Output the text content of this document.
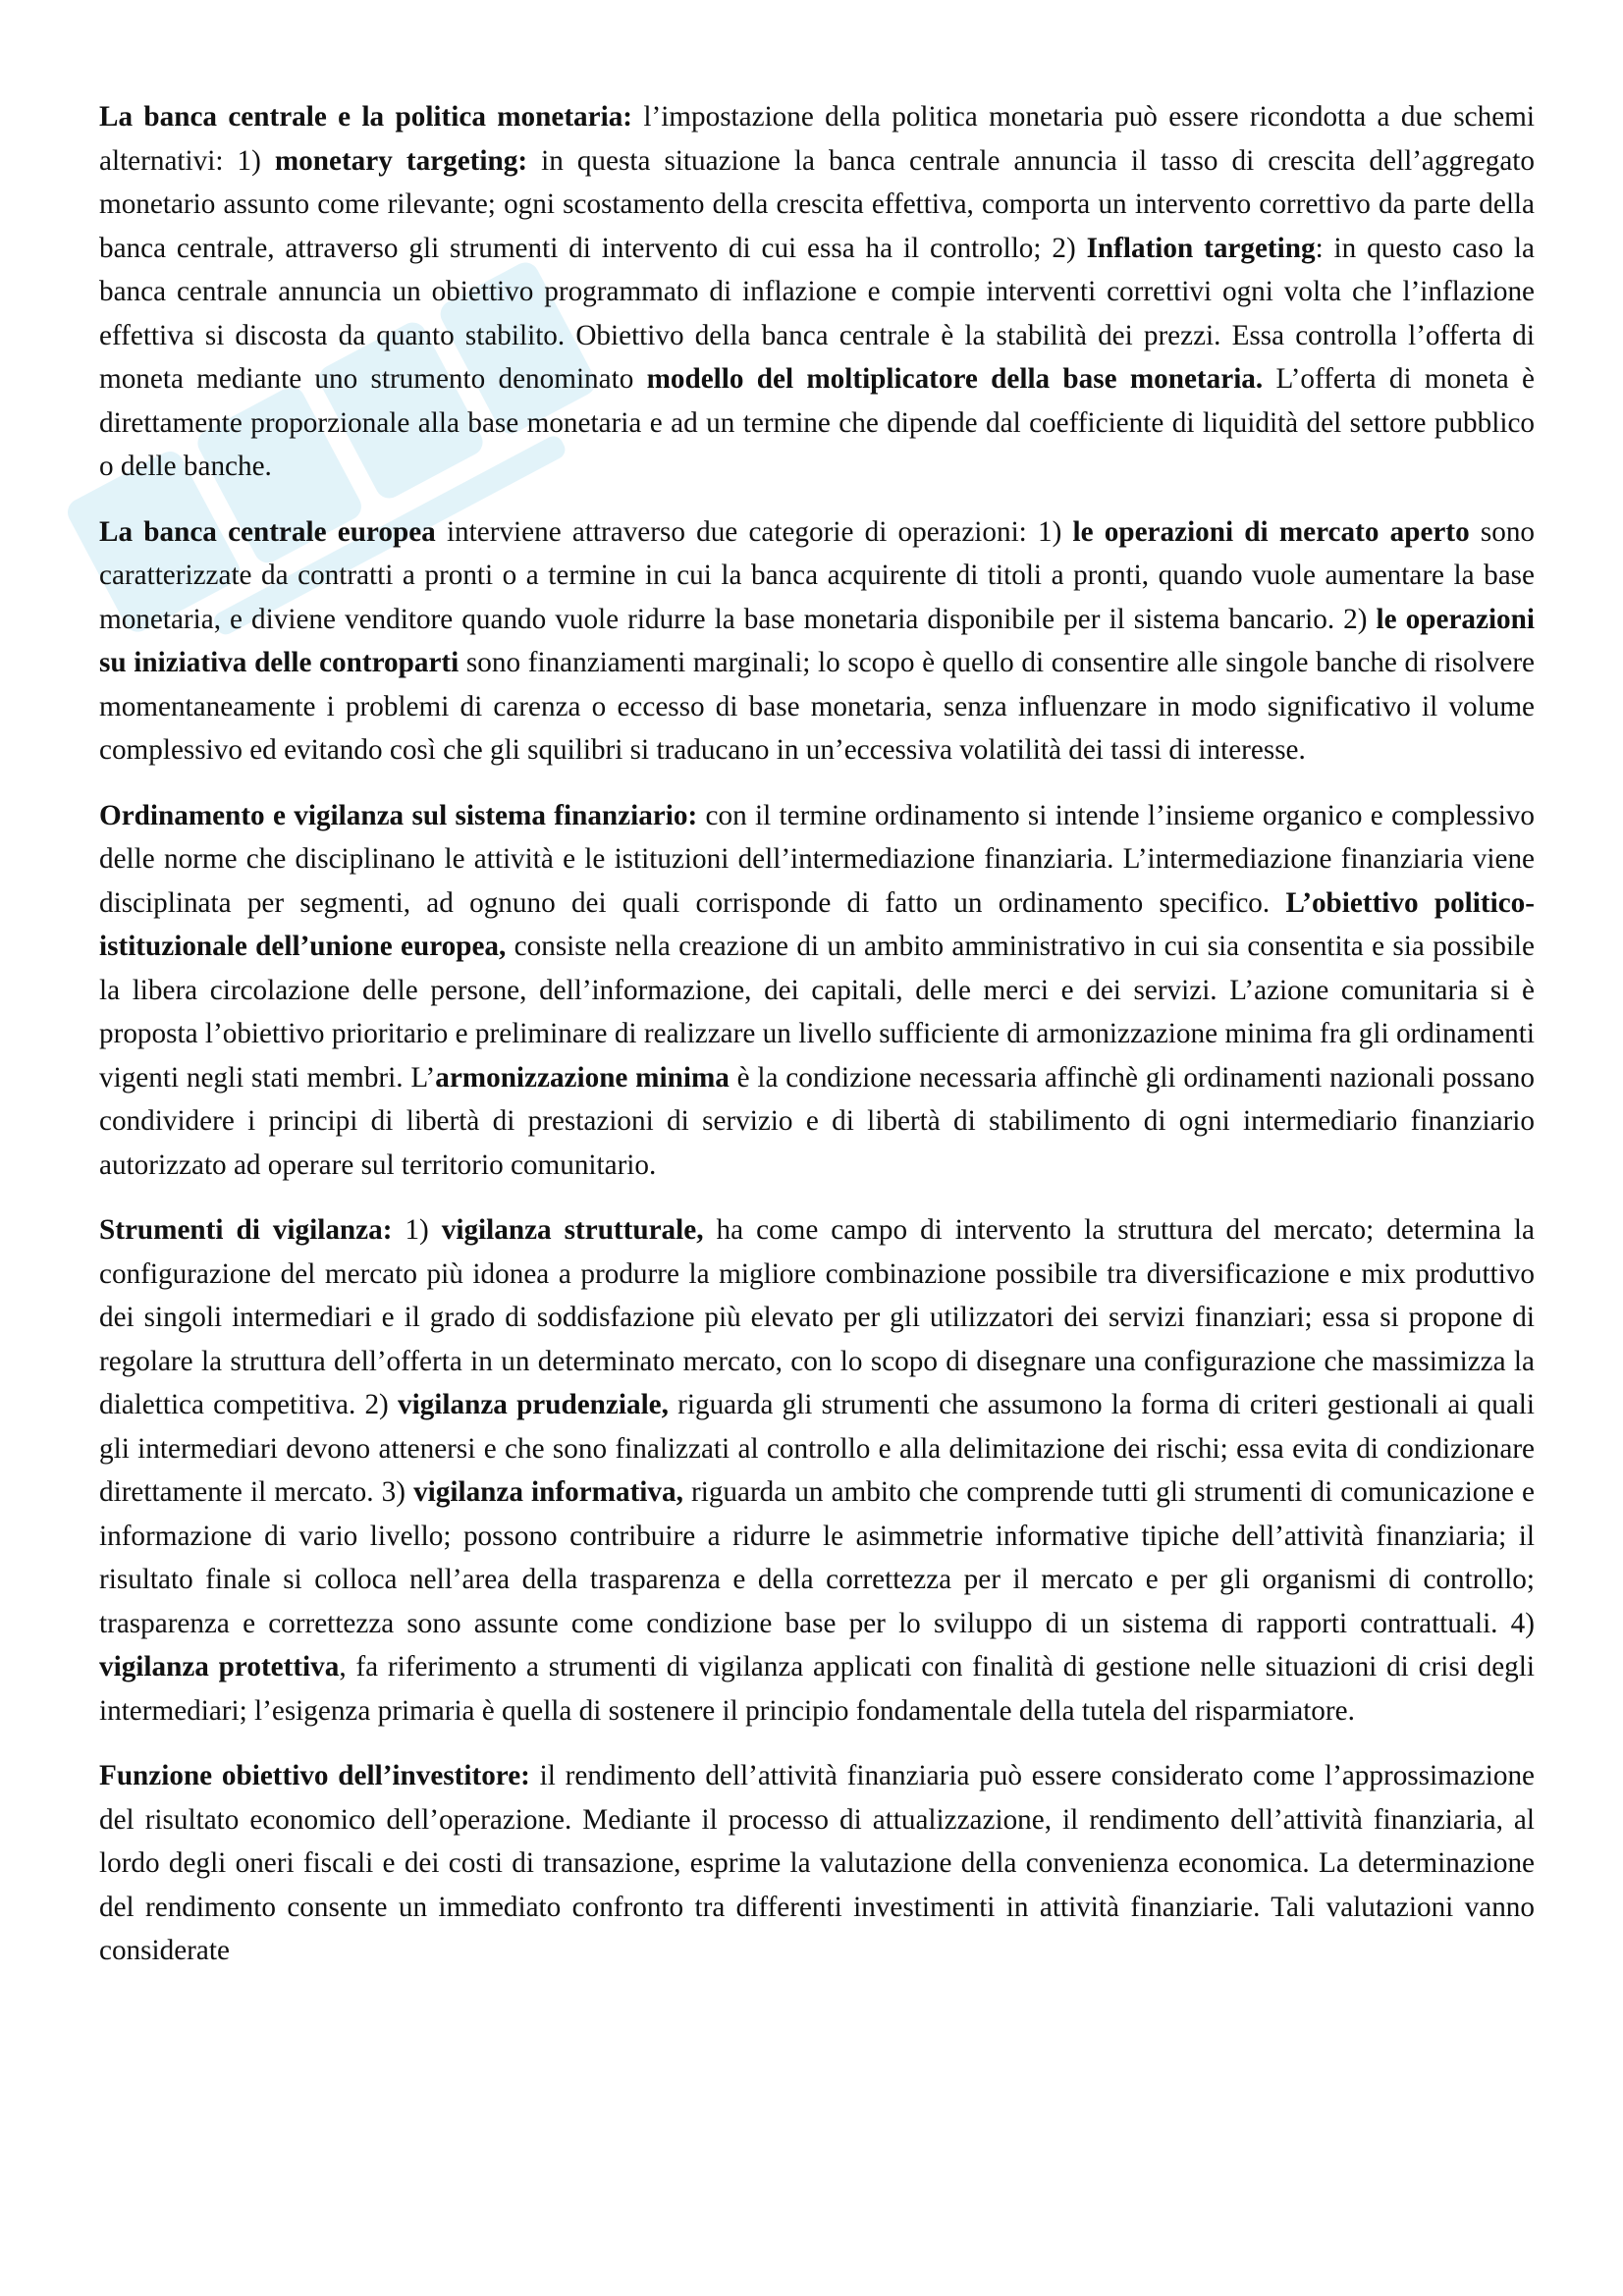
La banca centrale e la politica monetaria: l’impostazione della politica monetaria può essere ricondotta a due schemi alternativi: 1) monetary targeting: in questa situazione la banca centrale annuncia il tasso di crescita dell’aggregato monetario assunto come rilevante; ogni scostamento della crescita effettiva, comporta un intervento correttivo da parte della banca centrale, attraverso gli strumenti di intervento di cui essa ha il controllo; 2) Inflation targeting: in questo caso la banca centrale annuncia un obiettivo programmato di inflazione e compie interventi correttivi ogni volta che l’inflazione effettiva si discosta da quanto stabilito. Obiettivo della banca centrale è la stabilità dei prezzi. Essa controlla l’offerta di moneta mediante uno strumento denominato modello del moltiplicatore della base monetaria. L’offerta di moneta è direttamente proporzionale alla base monetaria e ad un termine che dipende dal coefficiente di liquidità del settore pubblico o delle banche.

La banca centrale europea interviene attraverso due categorie di operazioni: 1) le operazioni di mercato aperto sono caratterizzate da contratti a pronti o a termine in cui la banca acquirente di titoli a pronti, quando vuole aumentare la base monetaria, e diviene venditore quando vuole ridurre la base monetaria disponibile per il sistema bancario. 2) le operazioni su iniziativa delle controparti sono finanziamenti marginali; lo scopo è quello di consentire alle singole banche di risolvere momentaneamente i problemi di carenza o eccesso di base monetaria, senza influenzare in modo significativo il volume complessivo ed evitando così che gli squilibri si traducano in un’eccessiva volatilità dei tassi di interesse.

Ordinamento e vigilanza sul sistema finanziario: con il termine ordinamento si intende l’insieme organico e complessivo delle norme che disciplinano le attività e le istituzioni dell’intermediazione finanziaria. L’intermediazione finanziaria viene disciplinata per segmenti, ad ognuno dei quali corrisponde di fatto un ordinamento specifico. L’obiettivo politico-istituzionale dell’unione europea, consiste nella creazione di un ambito amministrativo in cui sia consentita e sia possibile la libera circolazione delle persone, dell’informazione, dei capitali, delle merci e dei servizi. L’azione comunitaria si è proposta l’obiettivo prioritario e preliminare di realizzare un livello sufficiente di armonizzazione minima fra gli ordinamenti vigenti negli stati membri. L’armonizzazione minima è la condizione necessaria affinchè gli ordinamenti nazionali possano condividere i principi di libertà di prestazioni di servizio e di libertà di stabilimento di ogni intermediario finanziario autorizzato ad operare sul territorio comunitario.

Strumenti di vigilanza: 1) vigilanza strutturale, ha come campo di intervento la struttura del mercato; determina la configurazione del mercato più idonea a produrre la migliore combinazione possibile tra diversificazione e mix produttivo dei singoli intermediari e il grado di soddisfazione più elevato per gli utilizzatori dei servizi finanziari; essa si propone di regolare la struttura dell’offerta in un determinato mercato, con lo scopo di disegnare una configurazione che massimizza la dialettica competitiva. 2) vigilanza prudenziale, riguarda gli strumenti che assumono la forma di criteri gestionali ai quali gli intermediari devono attenersi e che sono finalizzati al controllo e alla delimitazione dei rischi; essa evita di condizionare direttamente il mercato. 3) vigilanza informativa, riguarda un ambito che comprende tutti gli strumenti di comunicazione e informazione di vario livello; possono contribuire a ridurre le asimmetrie informative tipiche dell’attività finanziaria; il risultato finale si colloca nell’area della trasparenza e della correttezza per il mercato e per gli organismi di controllo; trasparenza e correttezza sono assunte come condizione base per lo sviluppo di un sistema di rapporti contrattuali. 4) vigilanza protettiva, fa riferimento a strumenti di vigilanza applicati con finalità di gestione nelle situazioni di crisi degli intermediari; l’esigenza primaria è quella di sostenere il principio fondamentale della tutela del risparmiatore.

Funzione obiettivo dell’investitore: il rendimento dell’attività finanziaria può essere considerato come l’approssimazione del risultato economico dell’operazione. Mediante il processo di attualizzazione, il rendimento dell’attività finanziaria, al lordo degli oneri fiscali e dei costi di transazione, esprime la valutazione della convenienza economica. La determinazione del rendimento consente un immediato confronto tra differenti investimenti in attività finanziarie. Tali valutazioni vanno considerate
